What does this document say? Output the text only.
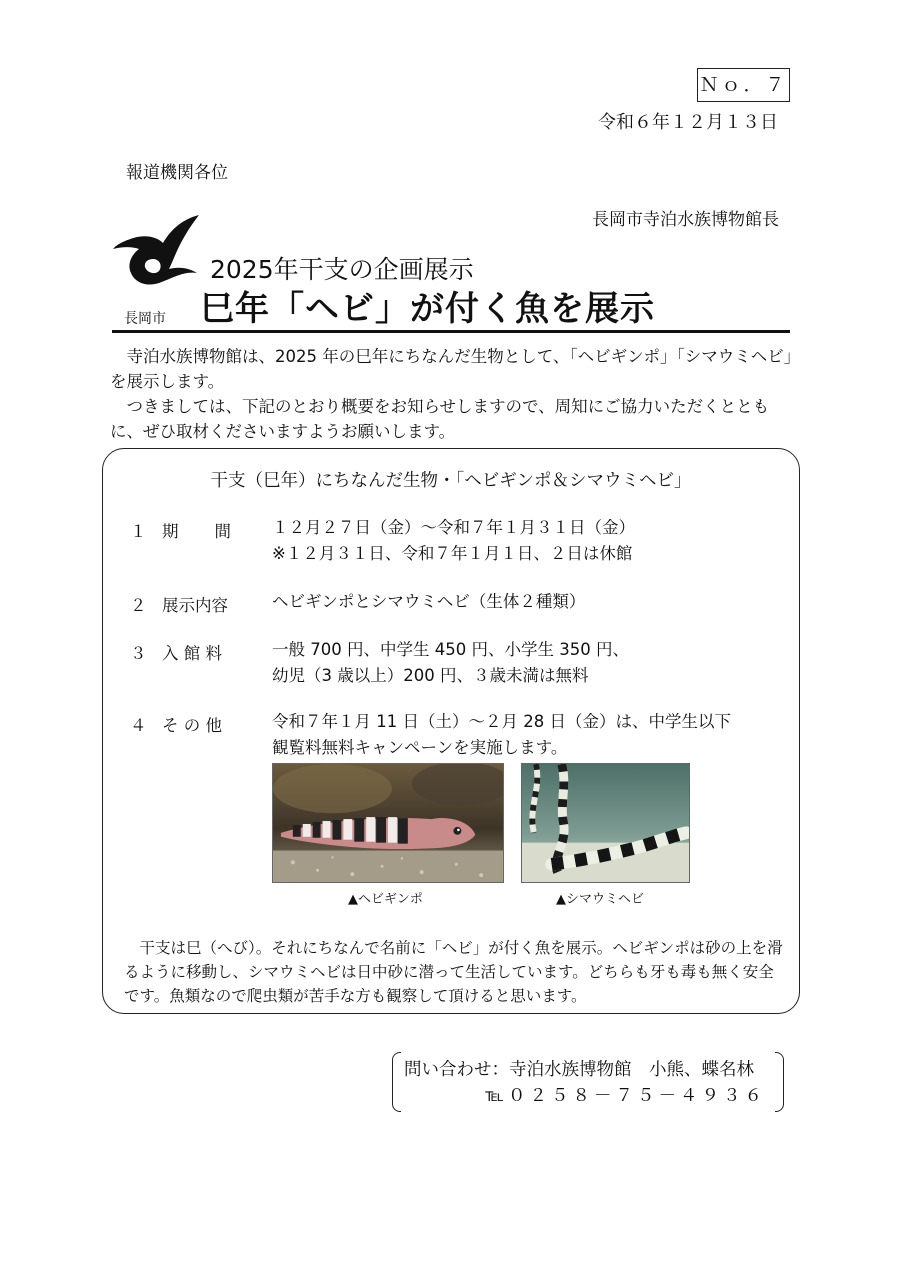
Ｎｏ．７
令和６年１２月１３日
報道機関各位
長岡市寺泊水族博物館長
長岡市
2025年干支の企画展示
巳年「ヘビ」が付く魚を展示

寺泊水族博物館は、2025 年の巳年にちなんだ生物として、「ヘビギンポ」「シマウミヘビ」を展示します。

つきましては、下記のとおり概要をお知らせしますので、周知にご協力いただくとともに、ぜひ取材くださいますようお願いします。

干支（巳年）にちなんだ生物・「ヘビギンポ＆シマウミヘビ」
１ 期　　間 １２月２７日（金）～令和７年１月３１日（金）
※１２月３１日、令和７年１月１日、２日は休館
２ 展示内容	ヘビギンポとシマウミヘビ（生体２種類）
３ 入 館 料	一般 700 円、中学生 450 円、小学生 350 円、
幼児（3 歳以上）200 円、３歳未満は無料
４ そ の 他	令和７年１月 11 日（土）～２月 28 日（金）は、中学生以下
観覧料無料キャンペーンを実施します。
▲ヘビギンポ	▲シマウミヘビ

干支は巳（へび）。それにちなんで名前に「ヘビ」が付く魚を展示。ヘビギンポは砂の上を滑るように移動し、シマウミヘビは日中砂に潜って生活しています。どちらも牙も毒も無く安全です。魚類なので爬虫類が苦手な方も観察して頂けると思います。

問い合わせ：寺泊水族博物館　小熊、蝶名林
℡０２５８－７５－４９３６
